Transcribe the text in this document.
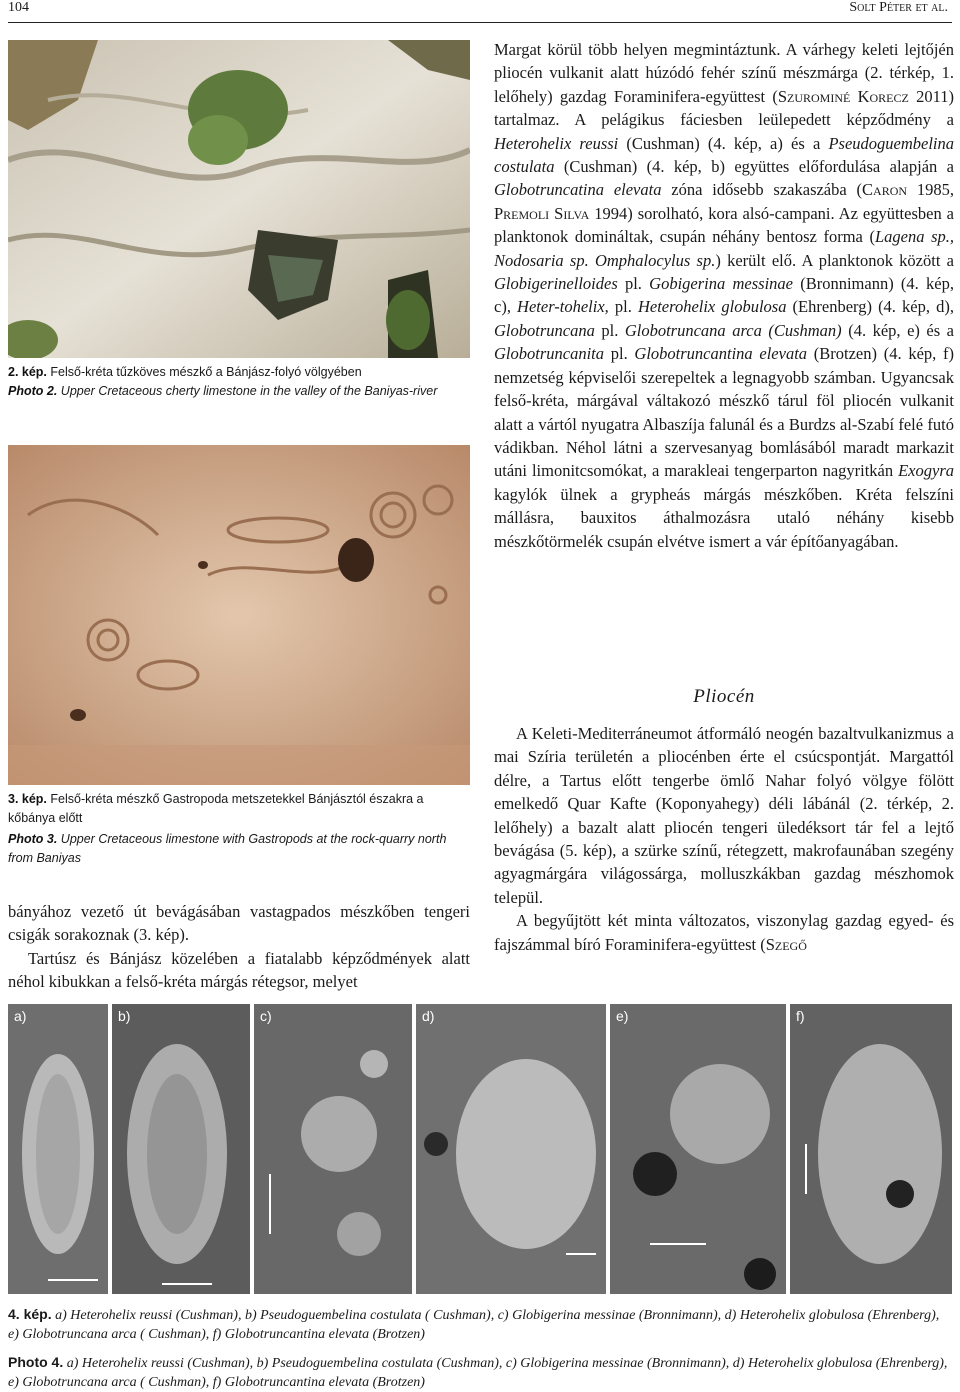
104	Solt Péter et al.
2. kép. Felső-kréta tűzköves mészkő a Bánjász-folyó völgyében
Photo 2. Upper Cretaceous cherty limestone in the valley of the Baniyas-river
3. kép. Felső-kréta mészkő Gastropoda metszetekkel Bánjásztól északra a kőbánya előtt
Photo 3. Upper Cretaceous limestone with Gastropods at the rock-quarry north from Baniyas

bányához vezető út bevágásában vastagpados mészkőben tengeri csigák sorakoznak (3. kép).

Tartúsz és Bánjász közelében a fiatalabb képződmények alatt néhol kibukkan a felső-kréta márgás rétegsor, melyet

Margat körül több helyen megmintáztunk. A várhegy keleti lejtőjén pliocén vulkanit alatt húzódó fehér színű mészmárga (2. térkép, 1. lelőhely) gazdag Foraminifera-együttest (Szurominé Korecz 2011) tartalmaz. A pelágikus fáciesben leülepedett képződmény a Heterohelix reussi (Cushman) (4. kép, a) és a Pseudoguembelina costulata (Cushman) (4. kép, b) együttes előfordulása alapján a Globotruncatina elevata zóna idősebb szakaszába (Caron 1985, Premoli Silva 1994) sorolható, kora alsó-campani. Az együttesben a planktonok domináltak, csupán néhány bentosz forma (Lagena sp., Nodosaria sp. Omphalocylus sp.) került elő. A planktonok között a Globigerinelloides pl. Gobigerina messinae (Bronnimann) (4. kép, c), Heter-tohelix, pl. Heterohelix globulosa (Ehrenberg) (4. kép, d), Globotruncana pl. Globotruncana arca (Cushman) (4. kép, e) és a Globotruncanita pl. Globotruncantina elevata (Brotzen) (4. kép, f) nemzetség képviselői szerepeltek a legnagyobb számban. Ugyancsak felső-kréta, márgával váltakozó mészkő tárul föl pliocén vulkanit alatt a vártól nyugatra Albaszíja falunál és a Burdzs al-Szabí felé futó vádikban. Néhol látni a szervesanyag bomlásából maradt markazit utáni limonitcsomókat, a marakleai tengerparton nagyritkán Exogyra kagylók ülnek a grypheás márgás mészkőben. Kréta felszíni mállásra, bauxitos áthalmozásra utaló néhány kisebb mészkőtörmelék csupán elvétve ismert a vár építőanyagában.

Pliocén

A Keleti-Mediterráneumot átformáló neogén bazaltvulkanizmus a mai Szíria területén a pliocénben érte el csúcspontját. Margattól délre, a Tartus előtt tengerbe ömlő Nahar folyó völgye fölött emelkedő Quar Kafte (Koponyahegy) déli lábánál (2. térkép, 2. lelőhely) a bazalt alatt pliocén tengeri üledéksort tár fel a lejtő bevágása (5. kép), a szürke színű, rétegzett, makrofaunában szegény agyagmárgára világossárga, molluszkákban gazdag mészhomok települ.

A begyűjtött két minta változatos, viszonylag gazdag egyed- és fajszámmal bíró Foraminifera-együttest (Szegő

a)	b)	c)	d)	e)	f)
4. kép. a) Heterohelix reussi (Cushman), b) Pseudoguembelina costulata ( Cushman), c) Globigerina messinae (Bronnimann), d) Heterohelix globulosa (Ehrenberg), e) Globotruncana arca ( Cushman), f) Globotruncantina elevata (Brotzen)
Photo 4. a) Heterohelix reussi (Cushman), b) Pseudoguembelina costulata (Cushman), c) Globigerina messinae (Bronnimann), d) Heterohelix globulosa (Ehrenberg), e) Globotruncana arca ( Cushman), f) Globotruncantina elevata (Brotzen)
